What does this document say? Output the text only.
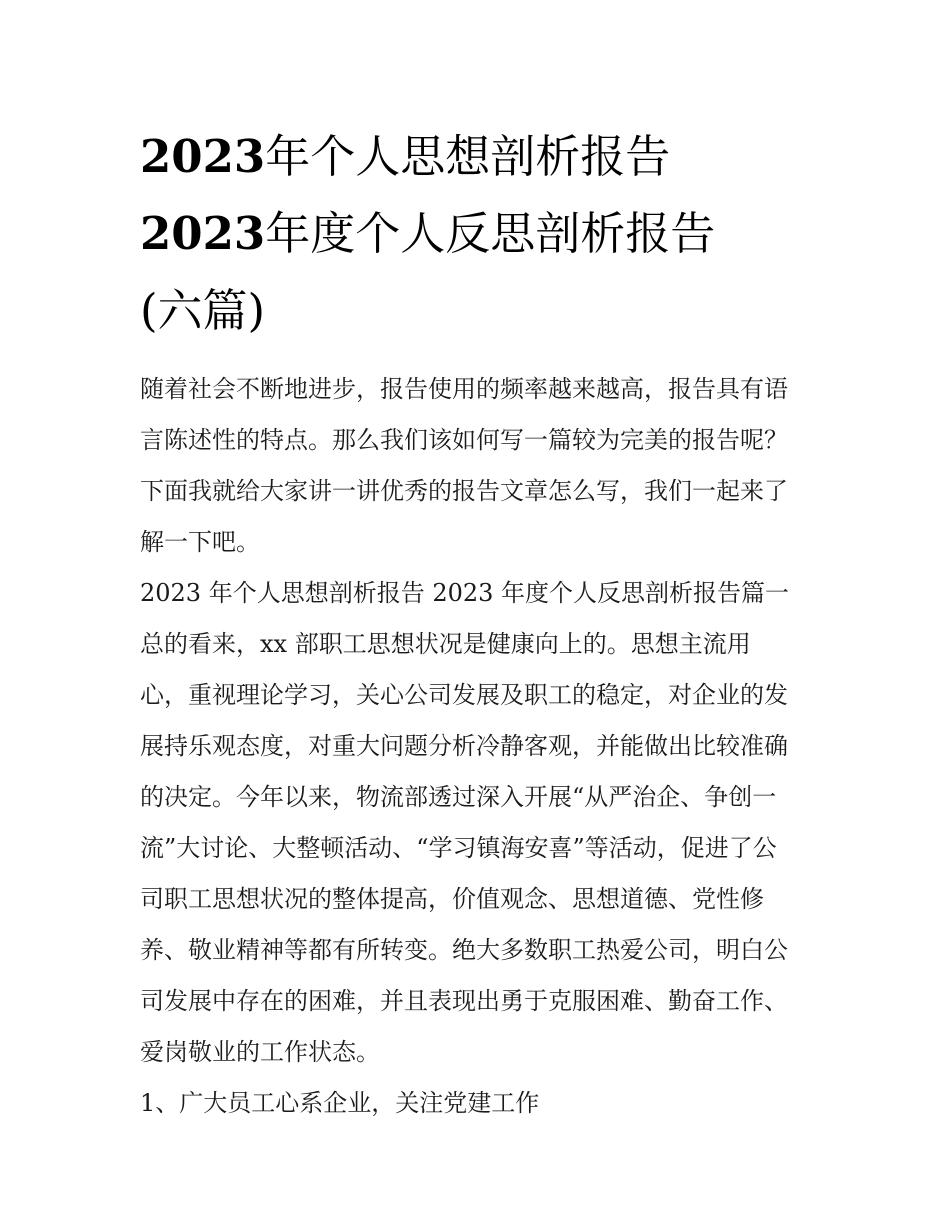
2023年个人思想剖析报告
2023年度个人反思剖析报告
(六篇)
随着社会不断地进步，报告使用的频率越来越高，报告具有语
言陈述性的特点。那么我们该如何写一篇较为完美的报告呢？
下面我就给大家讲一讲优秀的报告文章怎么写，我们一起来了
解一下吧。
2023 年个人思想剖析报告 2023 年度个人反思剖析报告篇一
总的看来，xx 部职工思想状况是健康向上的。思想主流用
心，重视理论学习，关心公司发展及职工的稳定，对企业的发
展持乐观态度，对重大问题分析冷静客观，并能做出比较准确
的决定。今年以来，物流部透过深入开展“从严治企、争创一
流”大讨论、大整顿活动、“学习镇海安喜”等活动，促进了公
司职工思想状况的整体提高，价值观念、思想道德、党性修
养、敬业精神等都有所转变。绝大多数职工热爱公司，明白公
司发展中存在的困难，并且表现出勇于克服困难、勤奋工作、
爱岗敬业的工作状态。
1、广大员工心系企业，关注党建工作
